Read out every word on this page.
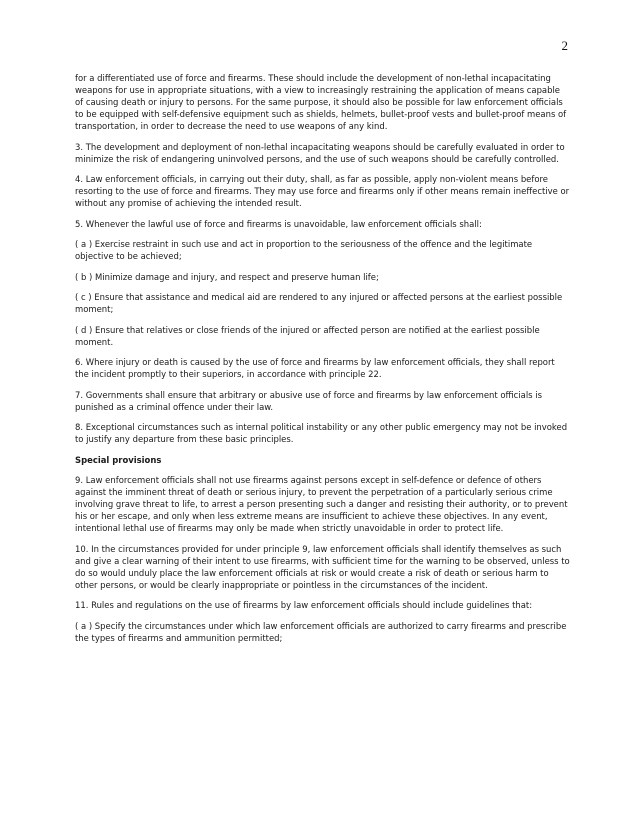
2

for a differentiated use of force and firearms. These should include the development of non-lethal incapacitating weapons for use in appropriate situations, with a view to increasingly restraining the application of means capable of causing death or injury to persons. For the same purpose, it should also be possible for law enforcement officials to be equipped with self-defensive equipment such as shields, helmets, bullet-proof vests and bullet-proof means of transportation, in order to decrease the need to use weapons of any kind.

3. The development and deployment of non-lethal incapacitating weapons should be carefully evaluated in order to minimize the risk of endangering uninvolved persons, and the use of such weapons should be carefully controlled.

4. Law enforcement officials, in carrying out their duty, shall, as far as possible, apply non-violent means before resorting to the use of force and firearms. They may use force and firearms only if other means remain ineffective or without any promise of achieving the intended result.

5. Whenever the lawful use of force and firearms is unavoidable, law enforcement officials shall:

( a ) Exercise restraint in such use and act in proportion to the seriousness of the offence and the legitimate objective to be achieved;

( b ) Minimize damage and injury, and respect and preserve human life;

( c ) Ensure that assistance and medical aid are rendered to any injured or affected persons at the earliest possible moment;

( d ) Ensure that relatives or close friends of the injured or affected person are notified at the earliest possible moment.

6. Where injury or death is caused by the use of force and firearms by law enforcement officials, they shall report the incident promptly to their superiors, in accordance with principle 22.

7. Governments shall ensure that arbitrary or abusive use of force and firearms by law enforcement officials is punished as a criminal offence under their law.

8. Exceptional circumstances such as internal political instability or any other public emergency may not be invoked to justify any departure from these basic principles.

Special provisions

9. Law enforcement officials shall not use firearms against persons except in self-defence or defence of others against the imminent threat of death or serious injury, to prevent the perpetration of a particularly serious crime involving grave threat to life, to arrest a person presenting such a danger and resisting their authority, or to prevent his or her escape, and only when less extreme means are insufficient to achieve these objectives. In any event, intentional lethal use of firearms may only be made when strictly unavoidable in order to protect life.

10. In the circumstances provided for under principle 9, law enforcement officials shall identify themselves as such and give a clear warning of their intent to use firearms, with sufficient time for the warning to be observed, unless to do so would unduly place the law enforcement officials at risk or would create a risk of death or serious harm to other persons, or would be clearly inappropriate or pointless in the circumstances of the incident.

11. Rules and regulations on the use of firearms by law enforcement officials should include guidelines that:

( a ) Specify the circumstances under which law enforcement officials are authorized to carry firearms and prescribe the types of firearms and ammunition permitted;
